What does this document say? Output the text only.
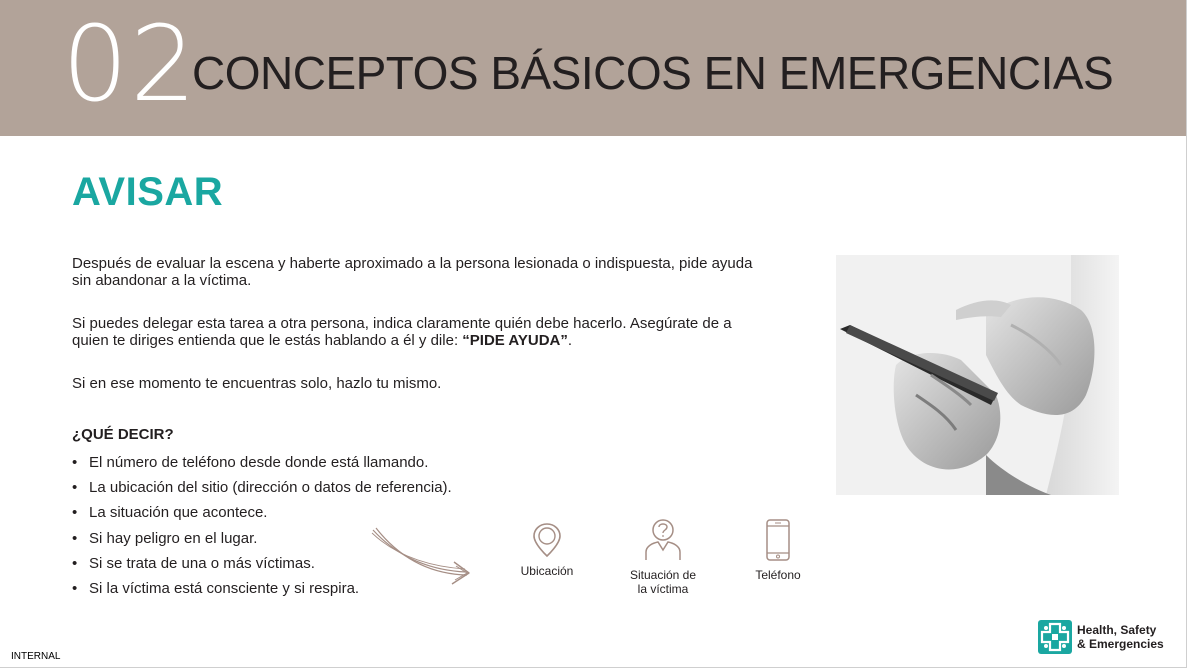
02
CONCEPTOS BÁSICOS EN EMERGENCIAS
AVISAR
Después de evaluar la escena y haberte aproximado a la persona lesionada o indispuesta, pide ayuda sin abandonar a la víctima.
Si puedes delegar esta tarea a otra persona, indica claramente quién debe hacerlo. Asegúrate de a quien te diriges entienda que le estás hablando a él y dile: “PIDE AYUDA”.
Si en ese momento te encuentras solo, hazlo tu mismo.
¿QUÉ DECIR?
• El número de teléfono desde donde está llamando.
• La ubicación del sitio (dirección o datos de referencia).
• La situación que acontece.
• Si hay peligro en el lugar.
• Si se trata de una o más víctimas.
• Si la víctima está consciente y si respira.
Ubicación	Situación de
la víctima
Teléfono
INTERNAL
Health, Safety
& Emergencies
